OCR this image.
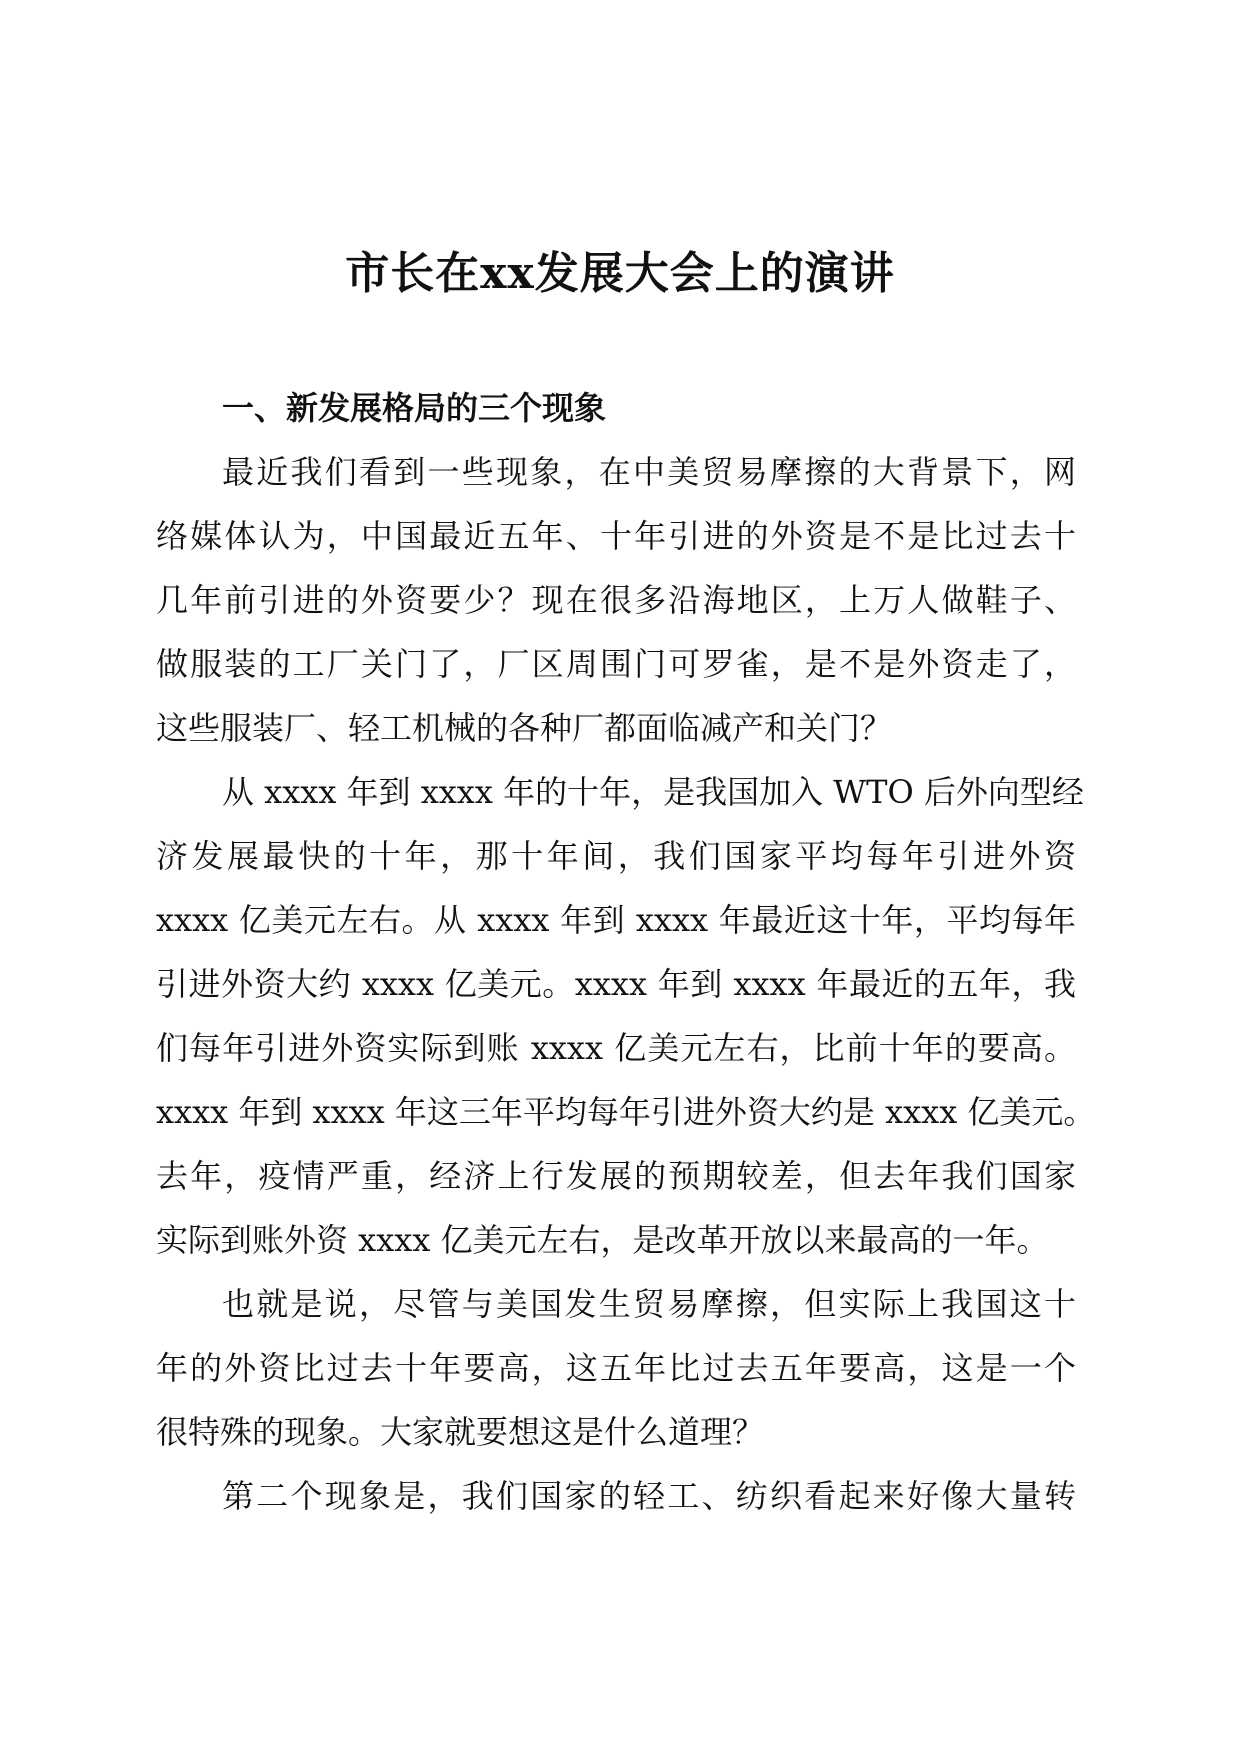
市长在xx发展大会上的演讲
一、新发展格局的三个现象
最近我们看到一些现象，在中美贸易摩擦的大背景下，网
络媒体认为，中国最近五年、十年引进的外资是不是比过去十
几年前引进的外资要少？现在很多沿海地区，上万人做鞋子、
做服装的工厂关门了，厂区周围门可罗雀，是不是外资走了，
这些服装厂、轻工机械的各种厂都面临减产和关门？
从 xxxx 年到 xxxx 年的十年，是我国加入 WTO 后外向型经
济发展最快的十年，那十年间，我们国家平均每年引进外资
xxxx 亿美元左右。从 xxxx 年到 xxxx 年最近这十年，平均每年
引进外资大约 xxxx 亿美元。xxxx 年到 xxxx 年最近的五年，我
们每年引进外资实际到账 xxxx 亿美元左右，比前十年的要高。
xxxx 年到 xxxx 年这三年平均每年引进外资大约是 xxxx 亿美元。
去年，疫情严重，经济上行发展的预期较差，但去年我们国家
实际到账外资 xxxx 亿美元左右，是改革开放以来最高的一年。
也就是说，尽管与美国发生贸易摩擦，但实际上我国这十
年的外资比过去十年要高，这五年比过去五年要高，这是一个
很特殊的现象。大家就要想这是什么道理？
第二个现象是，我们国家的轻工、纺织看起来好像大量转
